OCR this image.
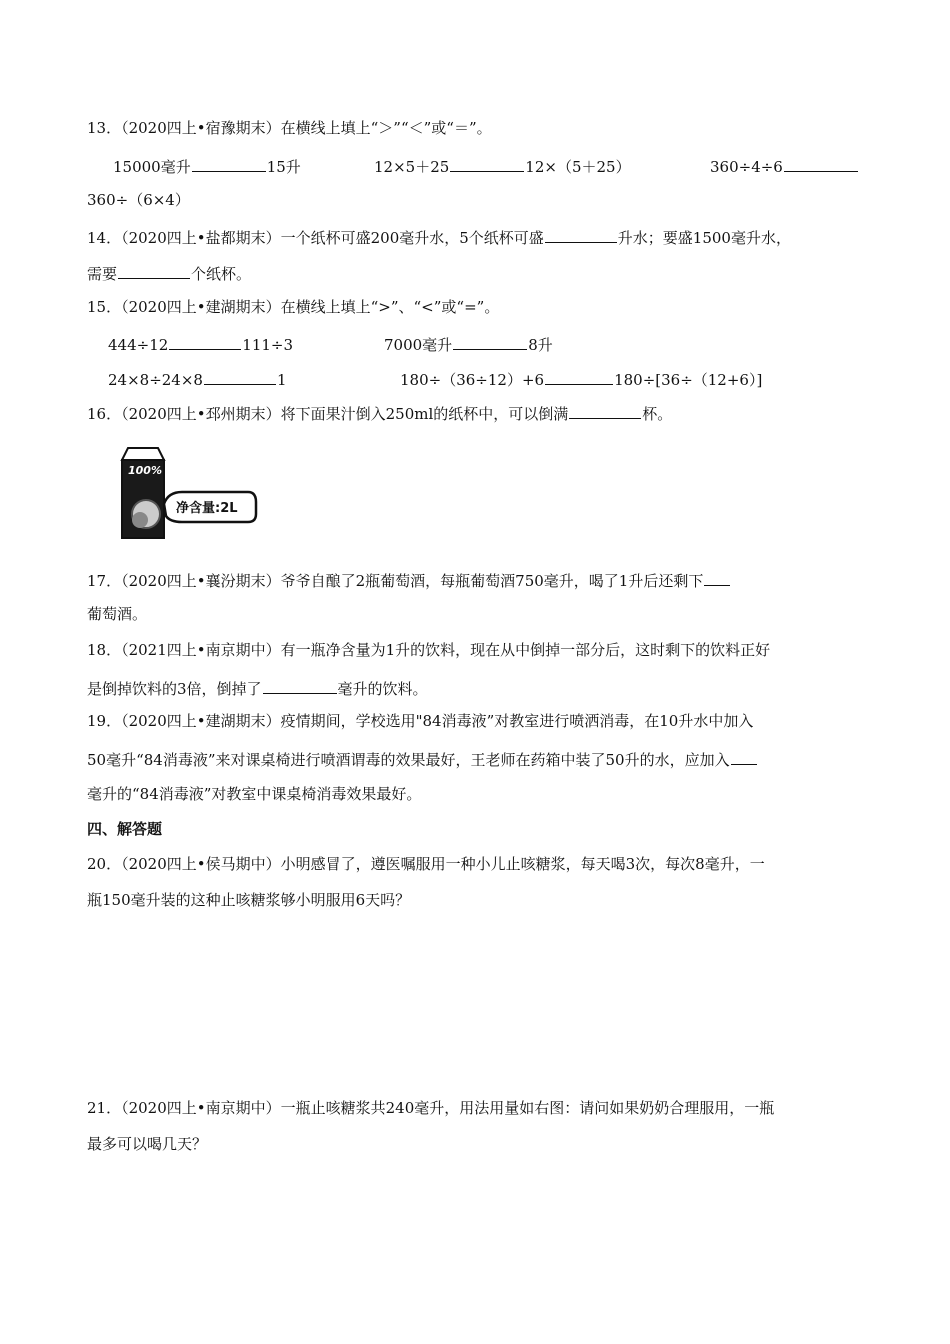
13．（2020四上•宿豫期末）在横线上填上“＞”“＜”或“＝”。
15000毫升	15升	12×5＋25	12×（5＋25）	360÷4÷6
360÷（6×4）
14．（2020四上•盐都期末）一个纸杯可盛200毫升水，5个纸杯可盛	升水；要盛1500毫升水，
需要	个纸杯。
15．（2020四上•建湖期末）在横线上填上“>”、“<”或“=”。
444÷12	111÷3	7000毫升	8升
24×8÷24×8	1	180÷（36÷12）+6	180÷[36÷（12+6）]
16．（2020四上•邳州期末）将下面果汁倒入250ml的纸杯中，可以倒满	杯。
100%
净含量:2L
17．（2020四上•襄汾期末）爷爷自酿了2瓶葡萄酒，每瓶葡萄酒750毫升，喝了1升后还剩下
葡萄酒。
18．（2021四上•南京期中）有一瓶净含量为1升的饮料，现在从中倒掉一部分后，这时剩下的饮料正好
是倒掉饮料的3倍，倒掉了	毫升的饮料。
19．（2020四上•建湖期末）疫情期间，学校选用"84消毒液”对教室进行喷洒消毒，在10升水中加入
50毫升“84消毒液”来对课桌椅进行喷酒谓毒的效果最好，王老师在药箱中装了50升的水，应加入
毫升的“84消毒液”对教室中课桌椅消毒效果最好。
四、解答题
20．（2020四上•侯马期中）小明感冒了，遵医嘱服用一种小儿止咳糖浆，每天喝3次，每次8毫升，一
瓶150毫升装的这种止咳糖浆够小明服用6天吗？
21．（2020四上•南京期中）一瓶止咳糖浆共240毫升，用法用量如右图：请问如果奶奶合理服用，一瓶
最多可以喝几天？
